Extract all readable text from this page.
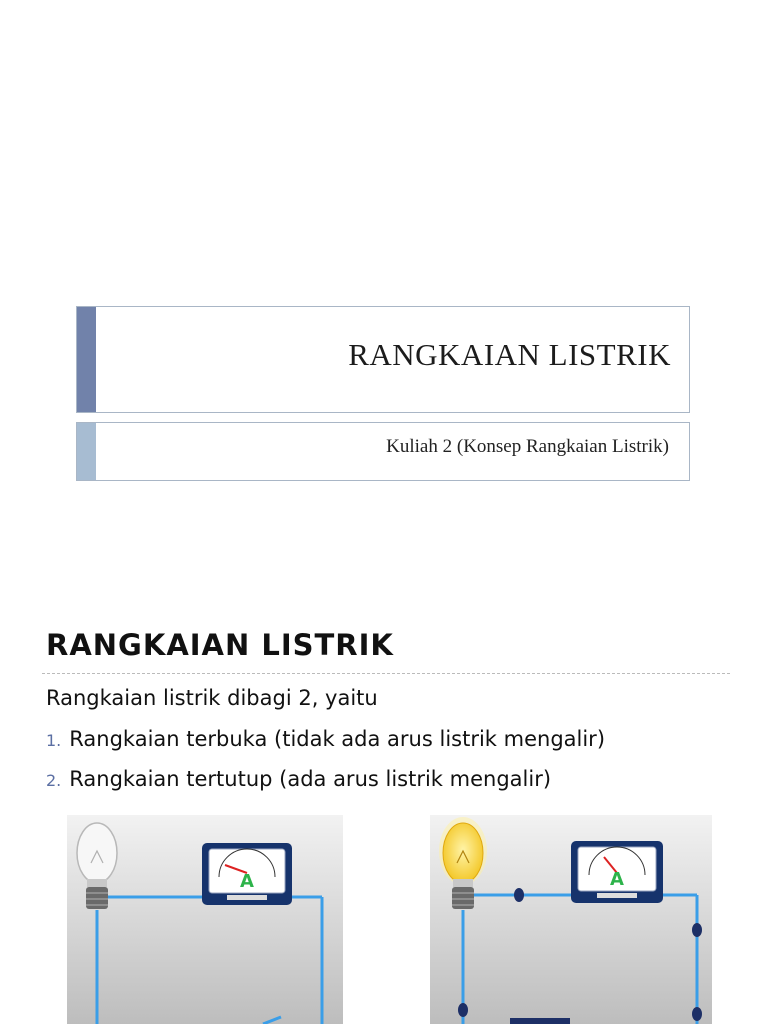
RANGKAIAN LISTRIK
Kuliah 2 (Konsep Rangkaian Listrik)
RANGKAIAN LISTRIK
Rangkaian listrik dibagi 2, yaitu
1. Rangkaian terbuka (tidak ada arus listrik mengalir)
2. Rangkaian tertutup (ada arus listrik mengalir)
A	A
